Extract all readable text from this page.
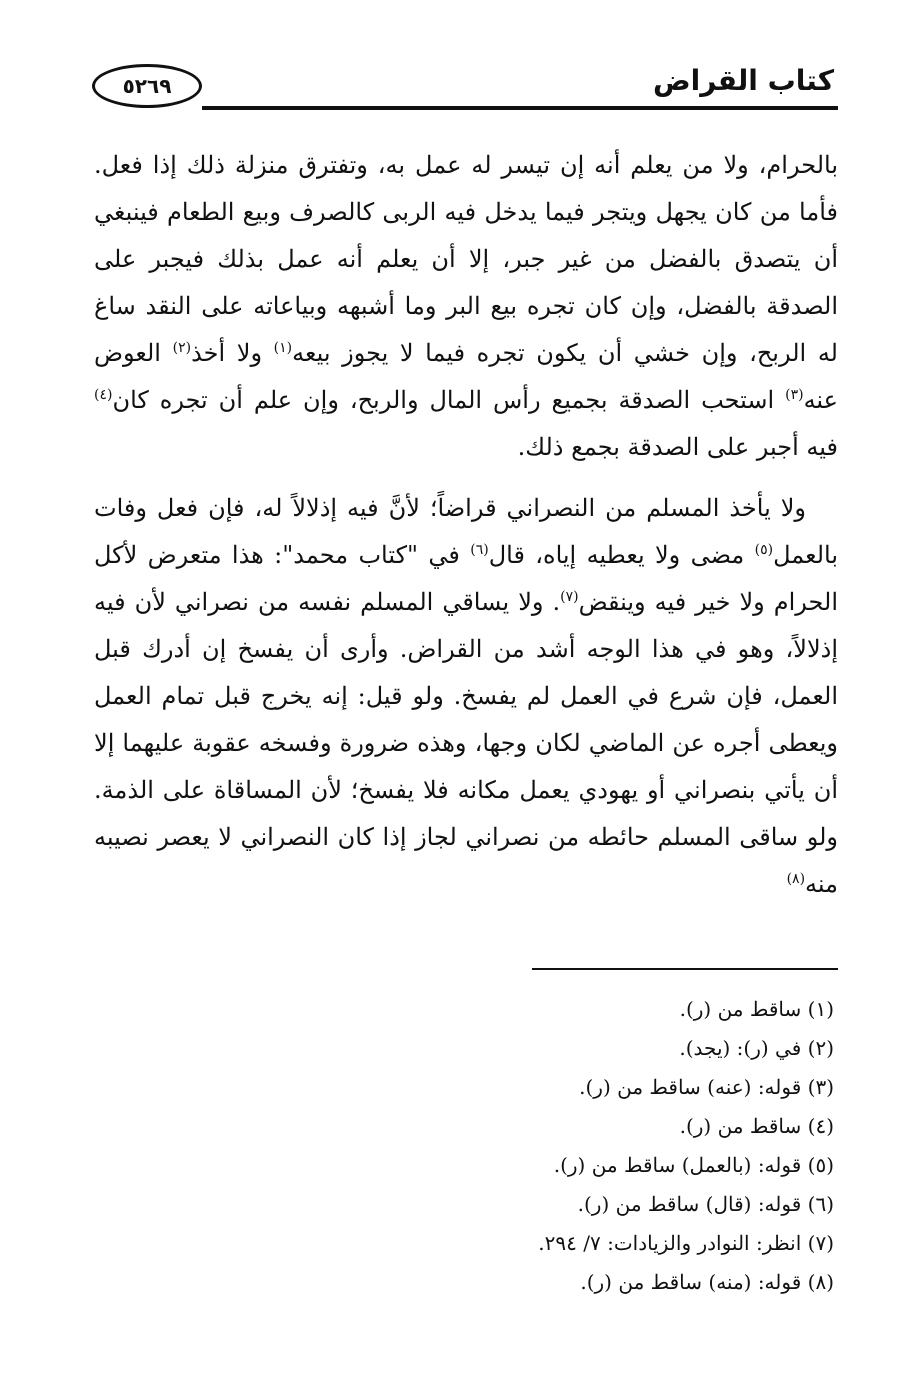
٥٢٦٩	كتاب القراض

بالحرام، ولا من يعلم أنه إن تيسر له عمل به، وتفترق منزلة ذلك إذا فعل. فأما من كان يجهل ويتجر فيما يدخل فيه الربى كالصرف وبيع الطعام فينبغي أن يتصدق بالفضل من غير جبر، إلا أن يعلم أنه عمل بذلك فيجبر على الصدقة بالفضل، وإن كان تجره بيع البر وما أشبهه وبياعاته على النقد ساغ له الربح، وإن خشي أن يكون تجره فيما لا يجوز بيعه$^{(١)}$ ولا أخذ$^{(٢)}$ العوض عنه$^{(٣)}$ استحب الصدقة بجميع رأس المال والربح، وإن علم أن تجره كان$^{(٤)}$ فيه أجبر على الصدقة بجمع ذلك.

ولا يأخذ المسلم من النصراني قراضاً؛ لأنَّ فيه إذلالاً له، فإن فعل وفات بالعمل$^{(٥)}$ مضى ولا يعطيه إياه، قال$^{(٦)}$ في "كتاب محمد": هذا متعرض لأكل الحرام ولا خير فيه وينقض$^{(٧)}$. ولا يساقي المسلم نفسه من نصراني لأن فيه إذلالاً، وهو في هذا الوجه أشد من القراض. وأرى أن يفسخ إن أدرك قبل العمل، فإن شرع في العمل لم يفسخ. ولو قيل: إنه يخرج قبل تمام العمل ويعطى أجره عن الماضي لكان وجها، وهذه ضرورة وفسخه عقوبة عليهما إلا أن يأتي بنصراني أو يهودي يعمل مكانه فلا يفسخ؛ لأن المساقاة على الذمة. ولو ساقى المسلم حائطه من نصراني لجاز إذا كان النصراني لا يعصر نصيبه منه$^{(٨)}$

(١) ساقط من (ر).

(٢) في (ر): (يجد).

(٣) قوله: (عنه) ساقط من (ر).

(٤) ساقط من (ر).

(٥) قوله: (بالعمل) ساقط من (ر).

(٦) قوله: (قال) ساقط من (ر).

(٧) انظر: النوادر والزيادات: ٧/ ٢٩٤.

(٨) قوله: (منه) ساقط من (ر).
